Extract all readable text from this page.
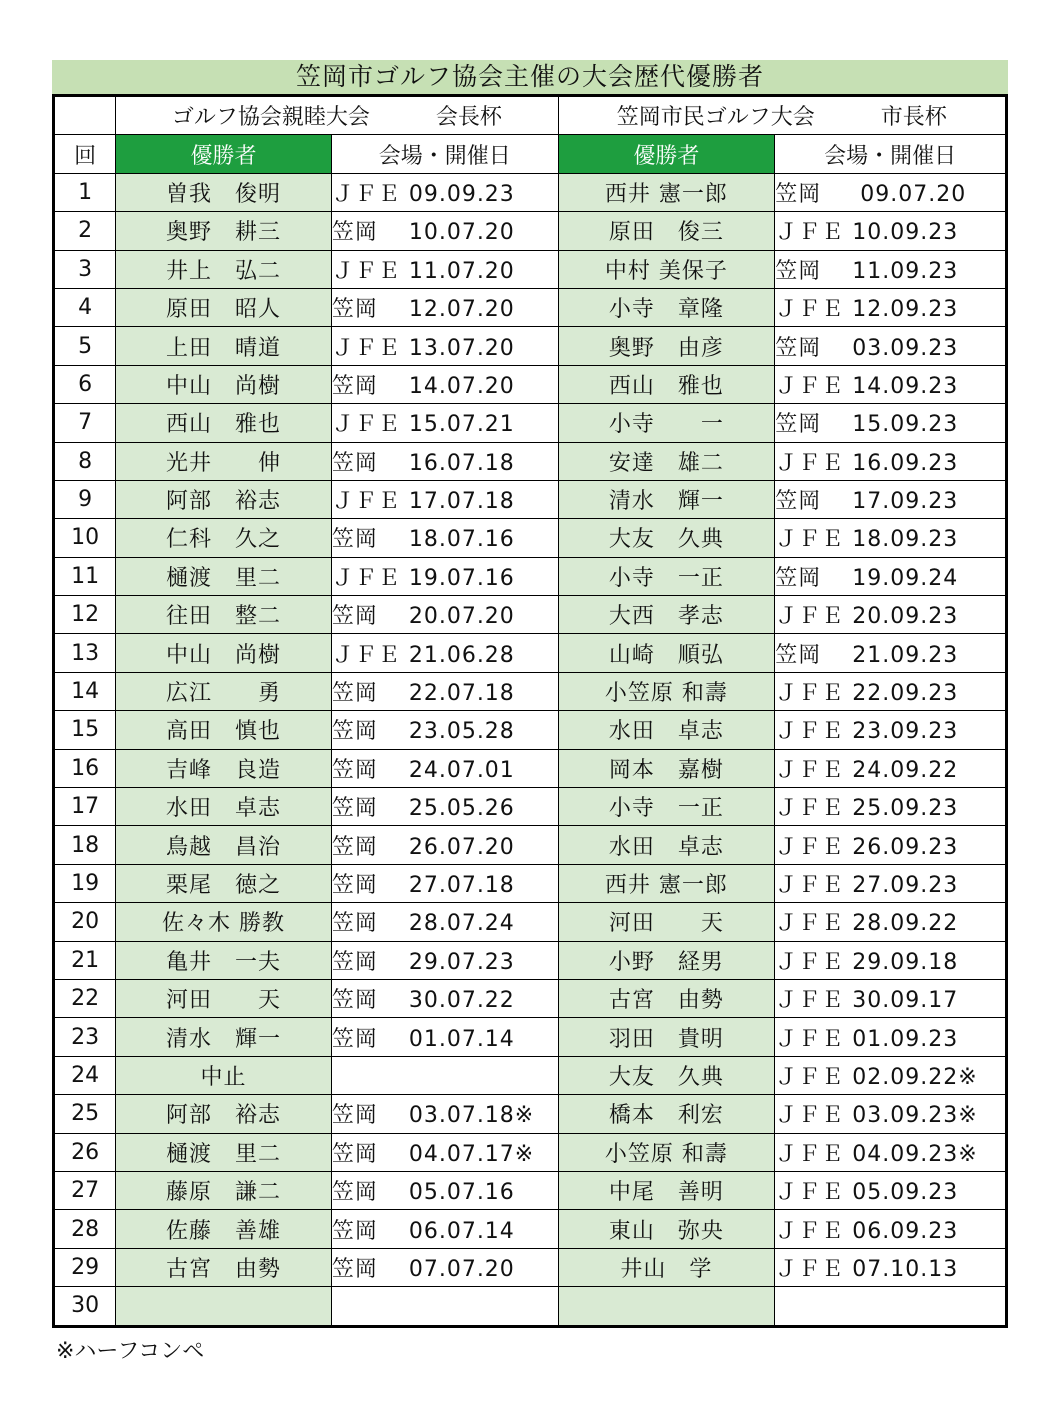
笠岡市ゴルフ協会主催の大会歴代優勝者
	ゴルフ協会親睦大会　　　会長杯		笠岡市民ゴルフ大会　　　市長杯	
回	優勝者	会場・開催日	優勝者	会場・開催日
1	曽我　俊明	ＪＦＥ 09.09.23	西井 憲一郎	笠岡　  09.07.20
2	奥野　耕三	笠岡 　10.07.20	原田　俊三	ＪＦＥ 10.09.23
3	井上　弘二	ＪＦＥ 11.07.20	中村 美保子	笠岡 　11.09.23
4	原田　昭人	笠岡 　12.07.20	小寺　章隆	ＪＦＥ 12.09.23
5	上田　晴道	ＪＦＥ 13.07.20	奥野　由彦	笠岡 　03.09.23
6	中山　尚樹	笠岡 　14.07.20	西山　雅也	ＪＦＥ 14.09.23
7	西山　雅也	ＪＦＥ 15.07.21	小寺　　一	笠岡 　15.09.23
8	光井　　伸	笠岡 　16.07.18	安達　雄二	ＪＦＥ 16.09.23
9	阿部　裕志	ＪＦＥ 17.07.18	清水　輝一	笠岡 　17.09.23
10	仁科　久之	笠岡 　18.07.16	大友　久典	ＪＦＥ 18.09.23
11	樋渡　里二	ＪＦＥ 19.07.16	小寺　一正	笠岡 　19.09.24
12	往田　整二	笠岡 　20.07.20	大西　孝志	ＪＦＥ 20.09.23
13	中山　尚樹	ＪＦＥ 21.06.28	山崎　順弘	笠岡 　21.09.23
14	広江　　勇	笠岡 　22.07.18	小笠原 和壽	ＪＦＥ 22.09.23
15	高田　慎也	笠岡 　23.05.28	水田　卓志	ＪＦＥ 23.09.23
16	吉峰　良造	笠岡 　24.07.01	岡本　嘉樹	ＪＦＥ 24.09.22
17	水田　卓志	笠岡 　25.05.26	小寺　一正	ＪＦＥ 25.09.23
18	鳥越　昌治	笠岡 　26.07.20	水田　卓志	ＪＦＥ 26.09.23
19	栗尾　徳之	笠岡 　27.07.18	西井 憲一郎	ＪＦＥ 27.09.23
20	佐々木 勝教	笠岡 　28.07.24	河田　　天	ＪＦＥ 28.09.22
21	亀井　一夫	笠岡 　29.07.23	小野　経男	ＪＦＥ 29.09.18
22	河田　　天	笠岡 　30.07.22	古宮　由勢	ＪＦＥ 30.09.17
23	清水　輝一	笠岡 　01.07.14	羽田　貴明	ＪＦＥ 01.09.23
24	中止		大友　久典	ＪＦＥ 02.09.22※
25	阿部　裕志	笠岡 　03.07.18※	橋本　利宏	ＪＦＥ 03.09.23※
26	樋渡　里二	笠岡 　04.07.17※	小笠原 和壽	ＪＦＥ 04.09.23※
27	藤原　謙二	笠岡 　05.07.16	中尾　善明	ＪＦＥ 05.09.23
28	佐藤　善雄	笠岡 　06.07.14	東山　弥央	ＪＦＥ 06.09.23
29	古宮　由勢	笠岡 　07.07.20	井山　学	ＪＦＥ 07.10.13
30				
※ハーフコンペ
